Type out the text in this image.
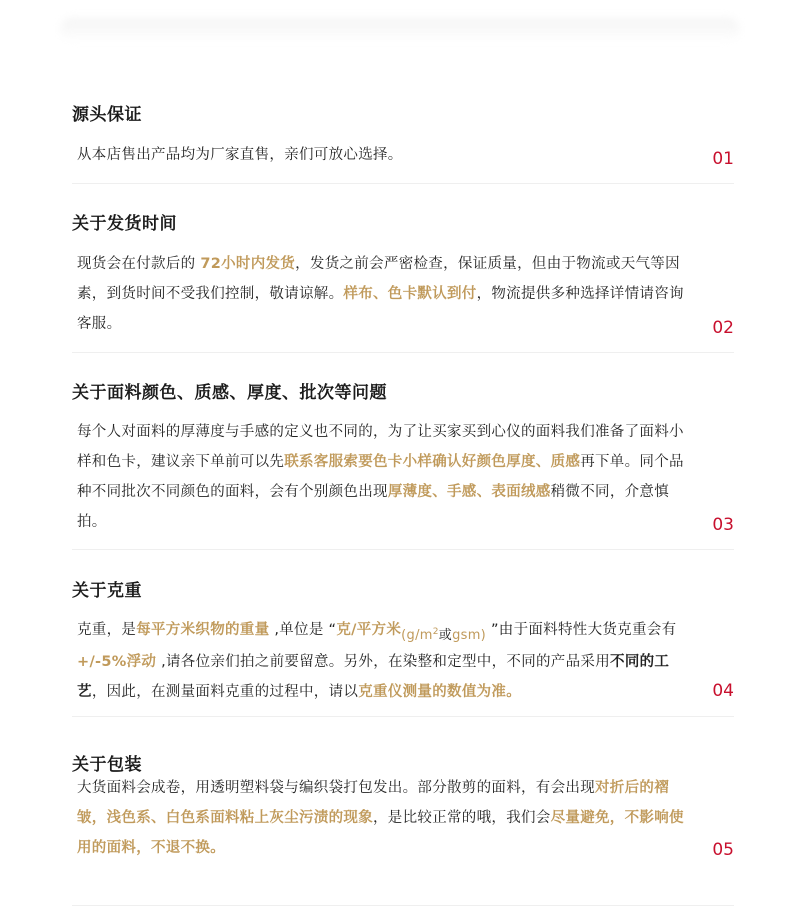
源头保证

从本店售出产品均为厂家直售，亲们可放心选择。	01
关于发货时间

现货会在付款后的 72小时内发货，发货之前会严密检查，保证质量，但由于物流或天气等因素，到货时间不受我们控制，敬请谅解。样布、色卡默认到付，物流提供多种选择详情请咨询客服。	02
关于面料颜色、质感、厚度、批次等问题

每个人对面料的厚薄度与手感的定义也不同的，为了让买家买到心仪的面料我们准备了面料小样和色卡，建议亲下单前可以先联系客服索要色卡小样确认好颜色厚度、质感再下单。同个品种不同批次不同颜色的面料，会有个别颜色出现厚薄度、手感、表面绒感稍微不同，介意慎拍。	03
关于克重

克重，是每平方米织物的重量 ,单位是 “克/平方米($g/m^2$或gsm) ”由于面料特性大货克重会有+/-5%浮动 ,请各位亲们拍之前要留意。另外，在染整和定型中，不同的产品采用不同的工艺，因此，在测量面料克重的过程中，请以克重仪测量的数值为准。	04
关于包装

大货面料会成卷，用透明塑料袋与编织袋打包发出。部分散剪的面料，有会出现对折后的褶皱，浅色系、白色系面料粘上灰尘污渍的现象，是比较正常的哦，我们会尽量避免，不影响使用的面料，不退不换。	05
